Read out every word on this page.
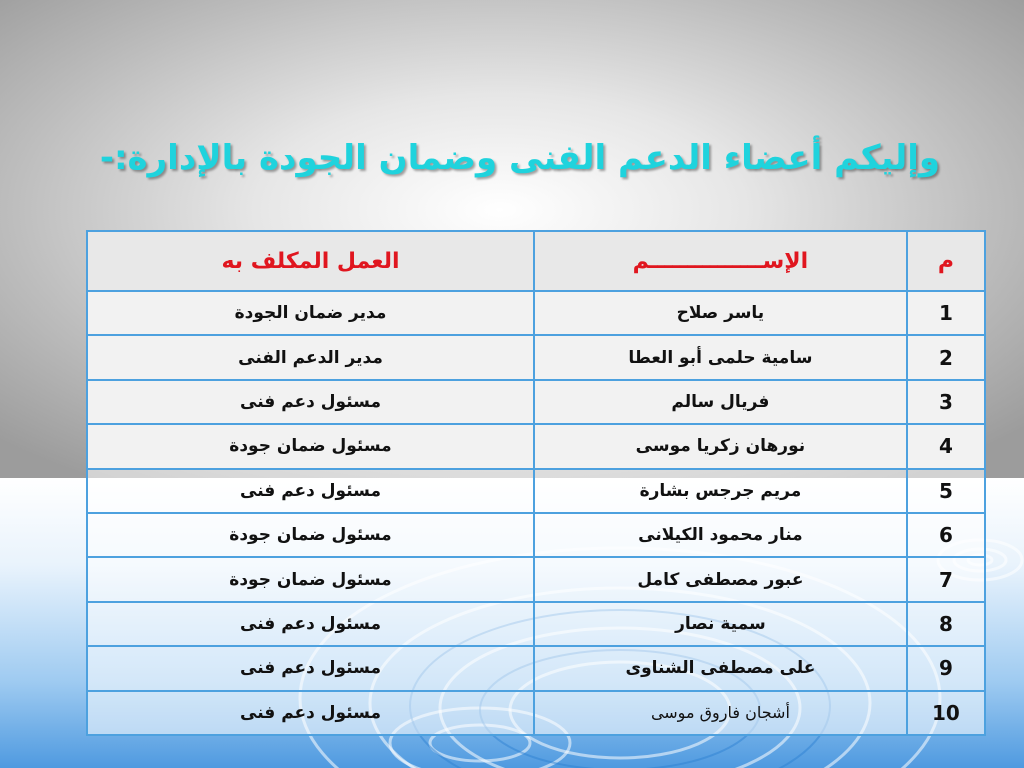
وإليكم أعضاء الدعم الفنى وضمان الجودة بالإدارة:-
م	الإســـــــــــــــم	العمل المكلف به
1	ياسر صلاح	مدير ضمان الجودة
2	سامية حلمى أبو العطا	مدير الدعم الفنى
3	فريال سالم	مسئول دعم فنى
4	نورهان زكريا موسى	مسئول ضمان جودة
5	مريم جرجس بشارة	مسئول دعم فنى
6	منار محمود الكيلانى	مسئول ضمان جودة
7	عبور مصطفى كامل	مسئول ضمان جودة
8	سمية نصار	مسئول دعم فنى
9	على مصطفى الشناوى	مسئول دعم فنى
10	أشجان فاروق موسى	مسئول دعم فنى
